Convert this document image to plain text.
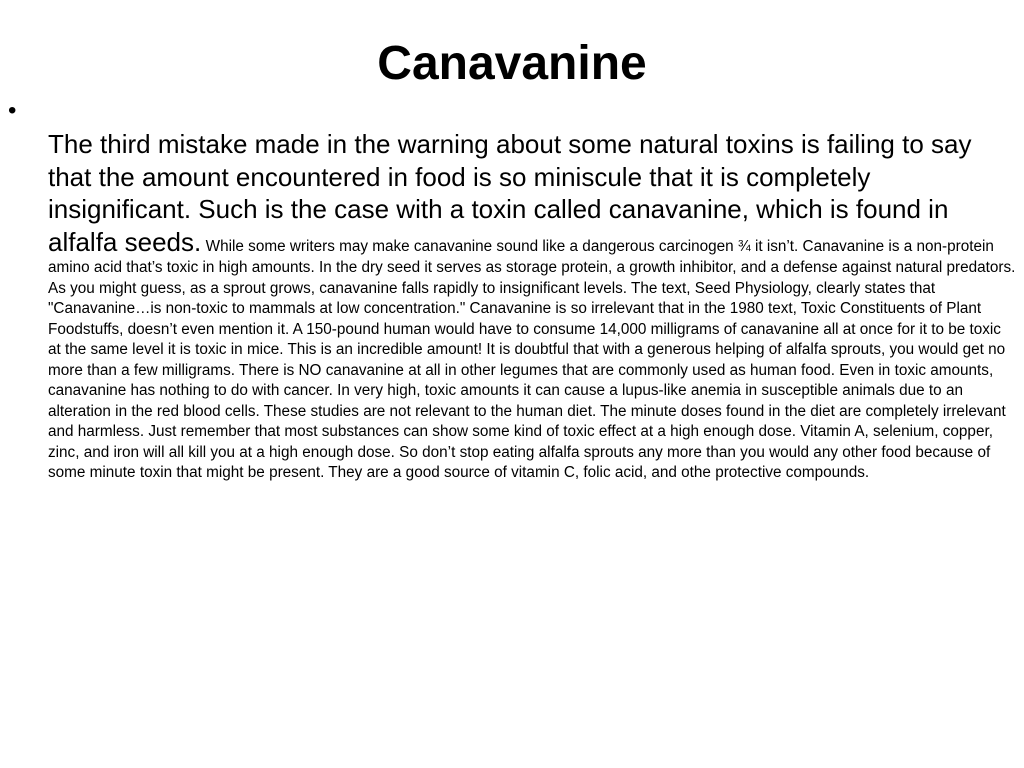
Canavanine
•

The third mistake made in the warning about some natural toxins is failing to say that the amount encountered in food is so miniscule that it is completely insignificant. Such is the case with a toxin called canavanine, which is found in alfalfa seeds. While some writers may make canavanine sound like a dangerous carcinogen ¾ it isn’t. Canavanine is a non-protein amino acid that’s toxic in high amounts. In the dry seed it serves as storage protein, a growth inhibitor, and a defense against natural predators. As you might guess, as a sprout grows, canavanine falls rapidly to insignificant levels. The text, Seed Physiology, clearly states that "Canavanine…is non-toxic to mammals at low concentration." Canavanine is so irrelevant that in the 1980 text, Toxic Constituents of Plant Foodstuffs, doesn’t even mention it. A 150-pound human would have to consume 14,000 milligrams of canavanine all at once for it to be toxic at the same level it is toxic in mice. This is an incredible amount! It is doubtful that with a generous helping of alfalfa sprouts, you would get no more than a few milligrams. There is NO canavanine at all in other legumes that are commonly used as human food. Even in toxic amounts, canavanine has nothing to do with cancer. In very high, toxic amounts it can cause a lupus-like anemia in susceptible animals due to an alteration in the red blood cells. These studies are not relevant to the human diet. The minute doses found in the diet are completely irrelevant and harmless. Just remember that most substances can show some kind of toxic effect at a high enough dose. Vitamin A, selenium, copper, zinc, and iron will all kill you at a high enough dose. So don’t stop eating alfalfa sprouts any more than you would any other food because of some minute toxin that might be present. They are a good source of vitamin C, folic acid, and othe protective compounds.
